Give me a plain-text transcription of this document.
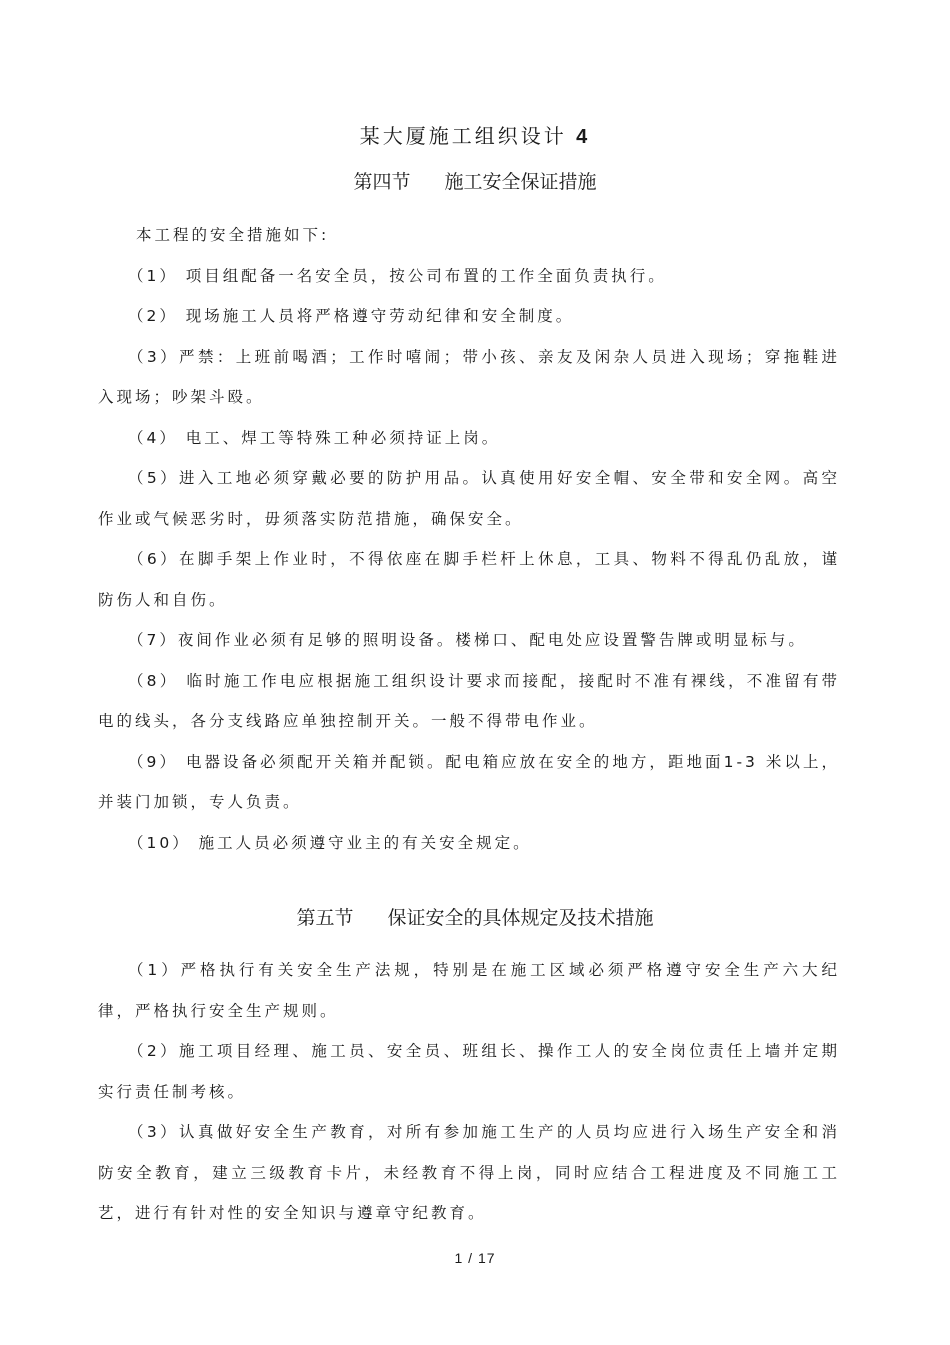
某大厦施工组织设计 4
第四节 施工安全保证措施

本工程的安全措施如下:

（1） 项目组配备一名安全员，按公司布置的工作全面负责执行。

（2） 现场施工人员将严格遵守劳动纪律和安全制度。

（3）严禁：上班前喝酒；工作时嘻闹；带小孩、亲友及闲杂人员进入现场；穿拖鞋进入现场；吵架斗殴。

（4） 电工、焊工等特殊工种必须持证上岗。

（5）进入工地必须穿戴必要的防护用品。认真使用好安全帽、安全带和安全网。高空作业或气候恶劣时，毋须落实防范措施，确保安全。

（6）在脚手架上作业时，不得依座在脚手栏杆上休息，工具、物料不得乱仍乱放，谨防伤人和自伤。

（7）夜间作业必须有足够的照明设备。楼梯口、配电处应设置警告牌或明显标与。

（8） 临时施工作电应根据施工组织设计要求而接配，接配时不准有裸线，不准留有带电的线头，各分支线路应单独控制开关。一般不得带电作业。

（9） 电器设备必须配开关箱并配锁。配电箱应放在安全的地方，距地面1-3 米以上，并装门加锁，专人负责。

（10） 施工人员必须遵守业主的有关安全规定。

第五节 保证安全的具体规定及技术措施

（1）严格执行有关安全生产法规，特别是在施工区域必须严格遵守安全生产六大纪律，严格执行安全生产规则。

（2）施工项目经理、施工员、安全员、班组长、操作工人的安全岗位责任上墙并定期实行责任制考核。

（3）认真做好安全生产教育，对所有参加施工生产的人员均应进行入场生产安全和消防安全教育，建立三级教育卡片，未经教育不得上岗，同时应结合工程进度及不同施工工艺，进行有针对性的安全知识与遵章守纪教育。

1 / 17
